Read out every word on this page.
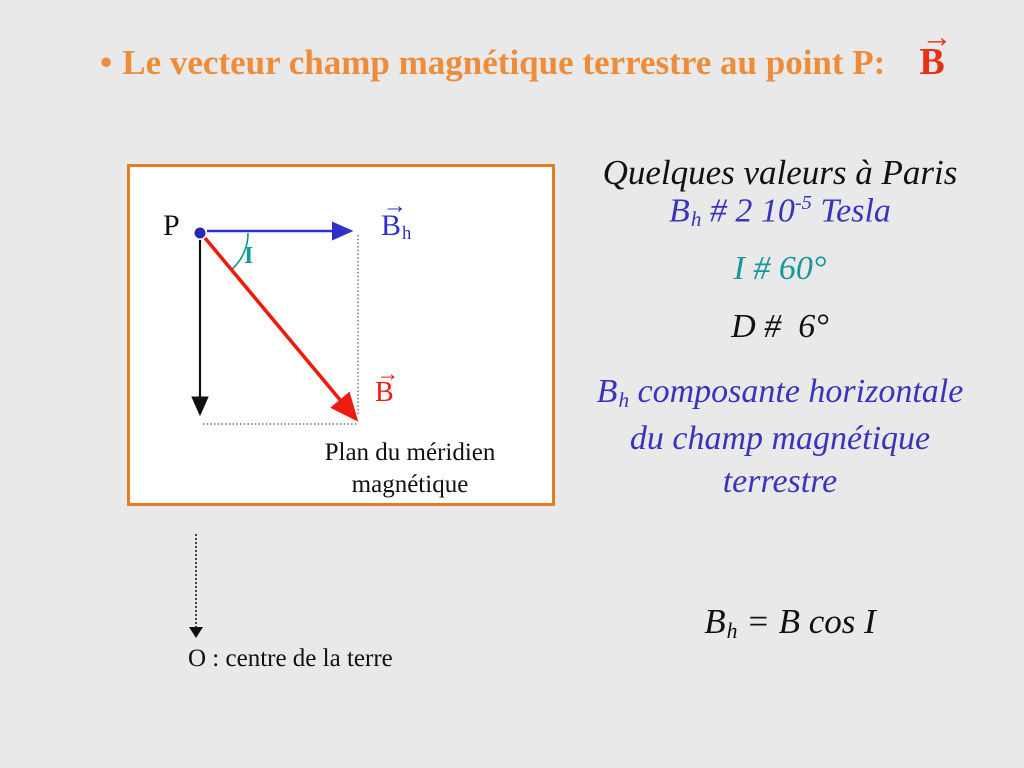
• Le vecteur champ magnétique terrestre au point P:
→
B
P
I
→
Bh
→
B
Plan du méridien
magnétique
O : centre de la terre
Quelques valeurs à Paris
Bh # 2 $10^{-5}$ Tesla
I # 60°
D #  6°
Bh composante horizontale
du champ magnétique
terrestre
Bh = B cos I
